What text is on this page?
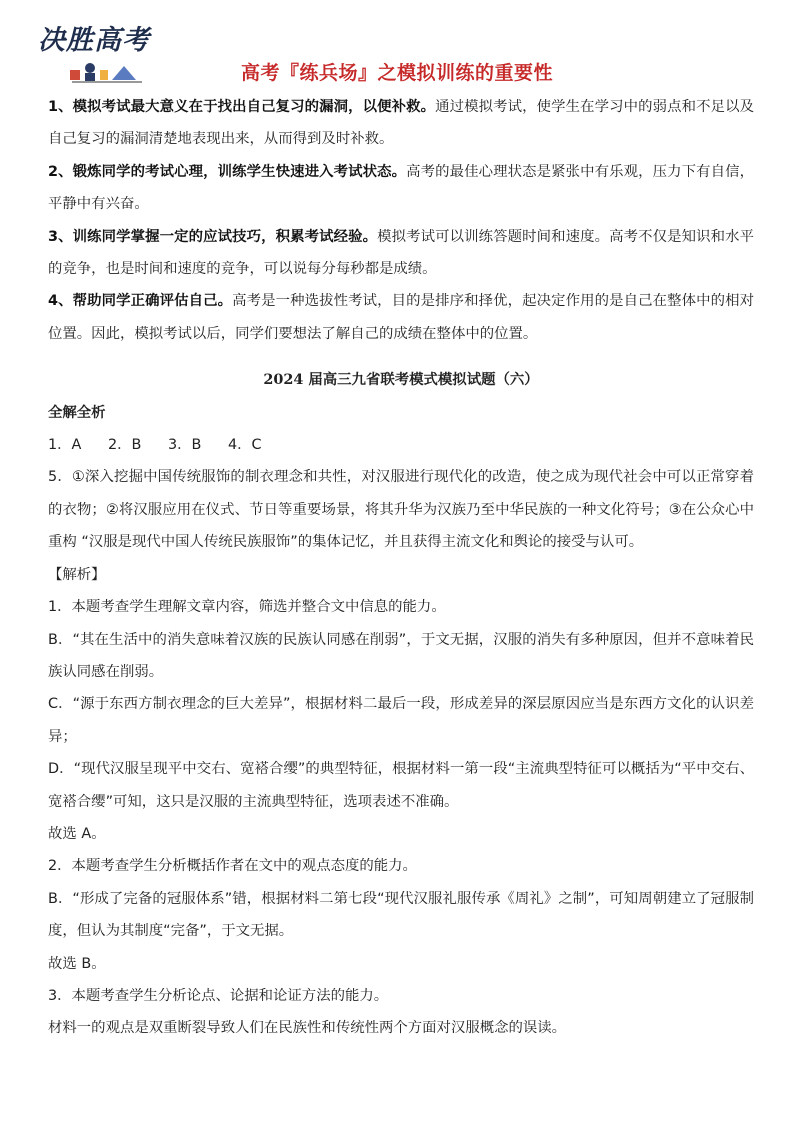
决胜高考
高考『练兵场』之模拟训练的重要性

1、模拟考试最大意义在于找出自己复习的漏洞，以便补救。通过模拟考试，使学生在学习中的弱点和不足以及自己复习的漏洞清楚地表现出来，从而得到及时补救。

2、锻炼同学的考试心理，训练学生快速进入考试状态。高考的最佳心理状态是紧张中有乐观，压力下有自信，平静中有兴奋。

3、训练同学掌握一定的应试技巧，积累考试经验。模拟考试可以训练答题时间和速度。高考不仅是知识和水平的竞争，也是时间和速度的竞争，可以说每分每秒都是成绩。

4、帮助同学正确评估自己。高考是一种选拔性考试，目的是排序和择优，起决定作用的是自己在整体中的相对位置。因此，模拟考试以后，同学们要想法了解自己的成绩在整体中的位置。

2024 届高三九省联考模式模拟试题（六）

全解全析

1．A 2．B 3．B 4．C

5．①深入挖掘中国传统服饰的制衣理念和共性，对汉服进行现代化的改造，使之成为现代社会中可以正常穿着的衣物；②将汉服应用在仪式、节日等重要场景，将其升华为汉族乃至中华民族的一种文化符号；③在公众心中重构 “汉服是现代中国人传统民族服饰”的集体记忆，并且获得主流文化和舆论的接受与认可。

【解析】

1．本题考查学生理解文章内容，筛选并整合文中信息的能力。

B．“其在生活中的消失意味着汉族的民族认同感在削弱”，于文无据，汉服的消失有多种原因，但并不意味着民族认同感在削弱。

C．“源于东西方制衣理念的巨大差异”，根据材料二最后一段，形成差异的深层原因应当是东西方文化的认识差异；

D．“现代汉服呈现平中交右、宽褡合缨”的典型特征，根据材料一第一段“主流典型特征可以概括为“平中交右、宽褡合缨”可知，这只是汉服的主流典型特征，选项表述不准确。

故选 A。

2．本题考查学生分析概括作者在文中的观点态度的能力。

B．“形成了完备的冠服体系”错，根据材料二第七段“现代汉服礼服传承《周礼》之制”，可知周朝建立了冠服制度，但认为其制度“完备”，于文无据。

故选 B。

3．本题考查学生分析论点、论据和论证方法的能力。

材料一的观点是双重断裂导致人们在民族性和传统性两个方面对汉服概念的误读。
